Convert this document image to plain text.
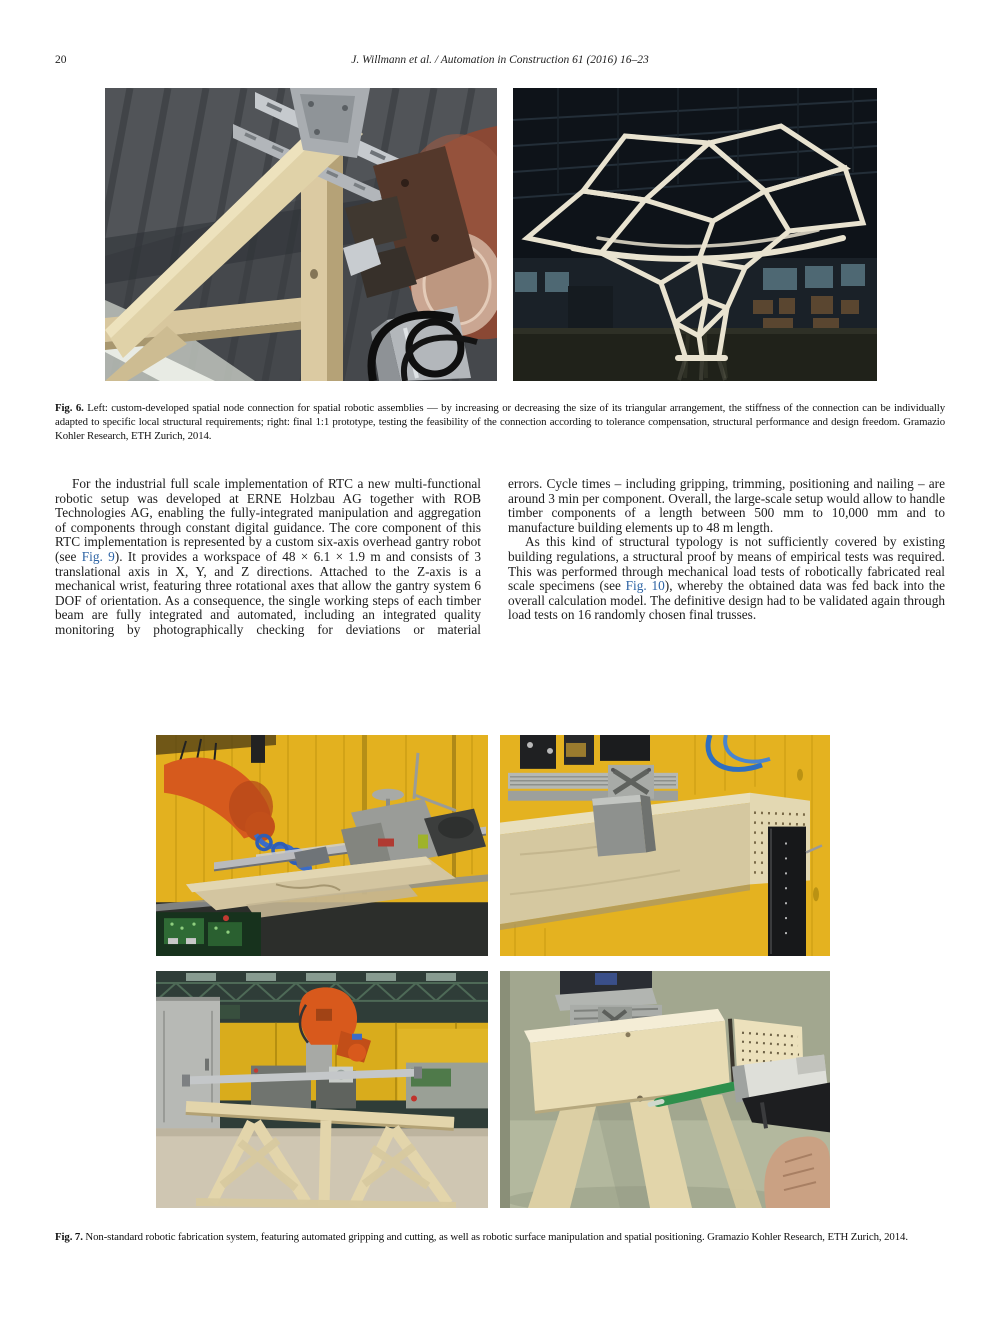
20	J. Willmann et al. / Automation in Construction 61 (2016) 16–23

Fig. 6. Left: custom-developed spatial node connection for spatial robotic assemblies — by increasing or decreasing the size of its triangular arrangement, the stiffness of the connection can be individually adapted to specific local structural requirements; right: final 1:1 prototype, testing the feasibility of the connection according to tolerance compensation, structural performance and design freedom. Gramazio Kohler Research, ETH Zurich, 2014.

For the industrial full scale implementation of RTC a new multi-functional robotic setup was developed at ERNE Holzbau AG together with ROB Technologies AG, enabling the fully-integrated manipulation and aggregation of components through constant digital guidance. The core component of this RTC implementation is represented by a custom six-axis overhead gantry robot (see Fig. 9). It provides a workspace of 48 × 6.1 × 1.9 m and consists of 3 translational axis in X, Y, and Z directions. Attached to the Z-axis is a mechanical wrist, featuring three rotational axes that allow the gantry system 6 DOF of orientation. As a consequence, the single working steps of each timber beam are fully integrated and automated, including an integrated quality monitoring by photographically checking for deviations or material

errors. Cycle times – including gripping, trimming, positioning and nailing – are around 3 min per component. Overall, the large-scale setup would allow to handle timber components of a length between 500 mm to 10,000 mm and to manufacture building elements up to 48 m length.

As this kind of structural typology is not sufficiently covered by existing building regulations, a structural proof by means of empirical tests was required. This was performed through mechanical load tests of robotically fabricated real scale specimens (see Fig. 10), whereby the obtained data was fed back into the overall calculation model. The definitive design had to be validated again through load tests on 16 randomly chosen final trusses.

Fig. 7. Non-standard robotic fabrication system, featuring automated gripping and cutting, as well as robotic surface manipulation and spatial positioning. Gramazio Kohler Research, ETH Zurich, 2014.
